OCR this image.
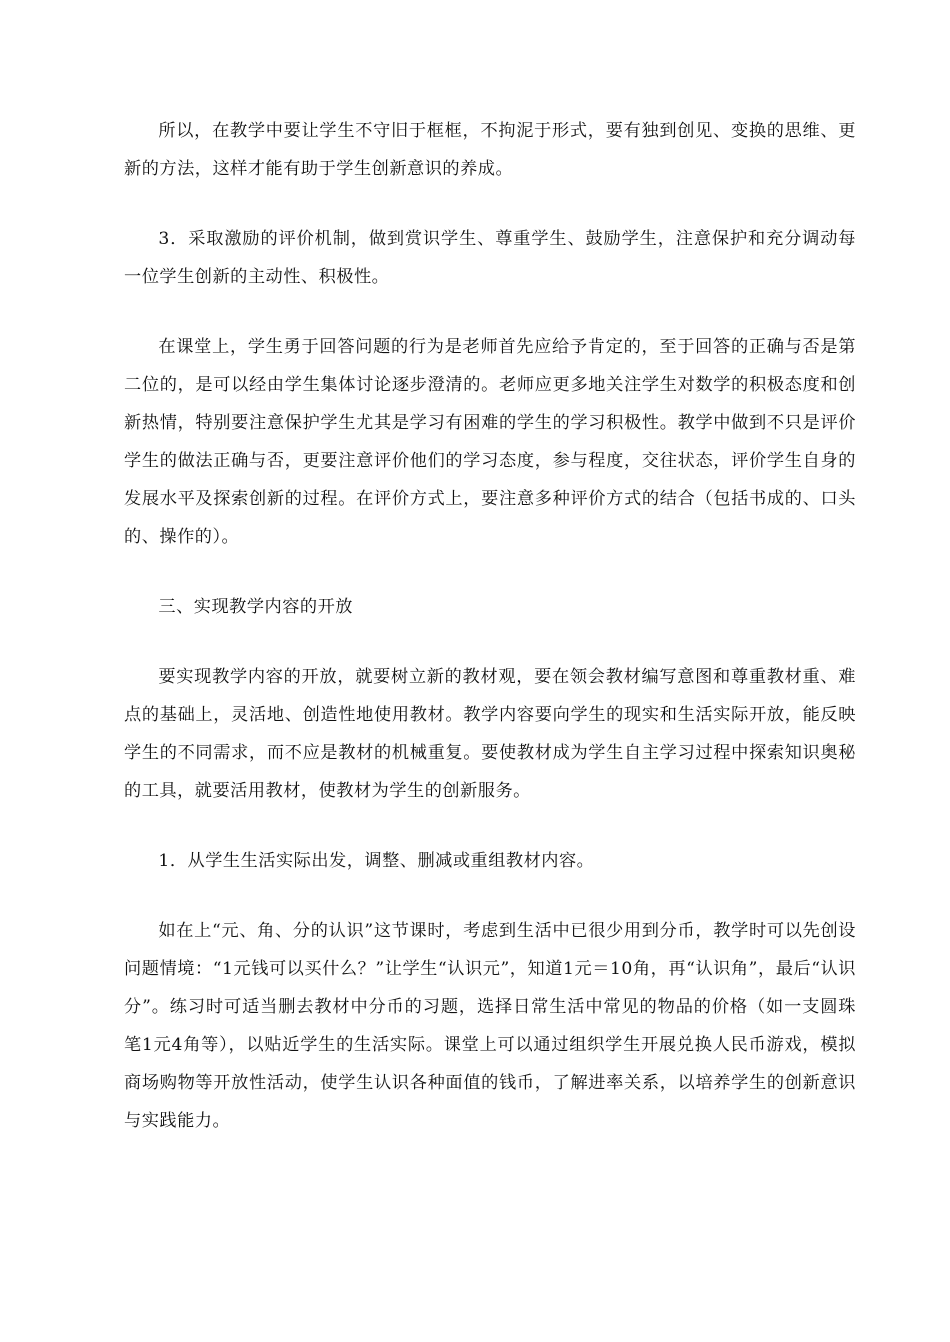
所以，在教学中要让学生不守旧于框框，不拘泥于形式，要有独到创见、变换的思维、更新的方法，这样才能有助于学生创新意识的养成。

3．采取激励的评价机制，做到赏识学生、尊重学生、鼓励学生，注意保护和充分调动每一位学生创新的主动性、积极性。

在课堂上，学生勇于回答问题的行为是老师首先应给予肯定的，至于回答的正确与否是第二位的，是可以经由学生集体讨论逐步澄清的。老师应更多地关注学生对数学的积极态度和创新热情，特别要注意保护学生尤其是学习有困难的学生的学习积极性。教学中做到不只是评价学生的做法正确与否，更要注意评价他们的学习态度，参与程度，交往状态，评价学生自身的发展水平及探索创新的过程。在评价方式上，要注意多种评价方式的结合（包括书成的、口头的、操作的）。

三、实现教学内容的开放

要实现教学内容的开放，就要树立新的教材观，要在领会教材编写意图和尊重教材重、难点的基础上，灵活地、创造性地使用教材。教学内容要向学生的现实和生活实际开放，能反映学生的不同需求，而不应是教材的机械重复。要使教材成为学生自主学习过程中探索知识奥秘的工具，就要活用教材，使教材为学生的创新服务。

1．从学生生活实际出发，调整、删减或重组教材内容。

如在上“元、角、分的认识”这节课时，考虑到生活中已很少用到分币，教学时可以先创设问题情境：“1元钱可以买什么？”让学生“认识元”，知道1元＝10角，再“认识角”，最后“认识分”。练习时可适当删去教材中分币的习题，选择日常生活中常见的物品的价格（如一支圆珠笔1元4角等），以贴近学生的生活实际。课堂上可以通过组织学生开展兑换人民币游戏，模拟商场购物等开放性活动，使学生认识各种面值的钱币，了解进率关系，以培养学生的创新意识与实践能力。
